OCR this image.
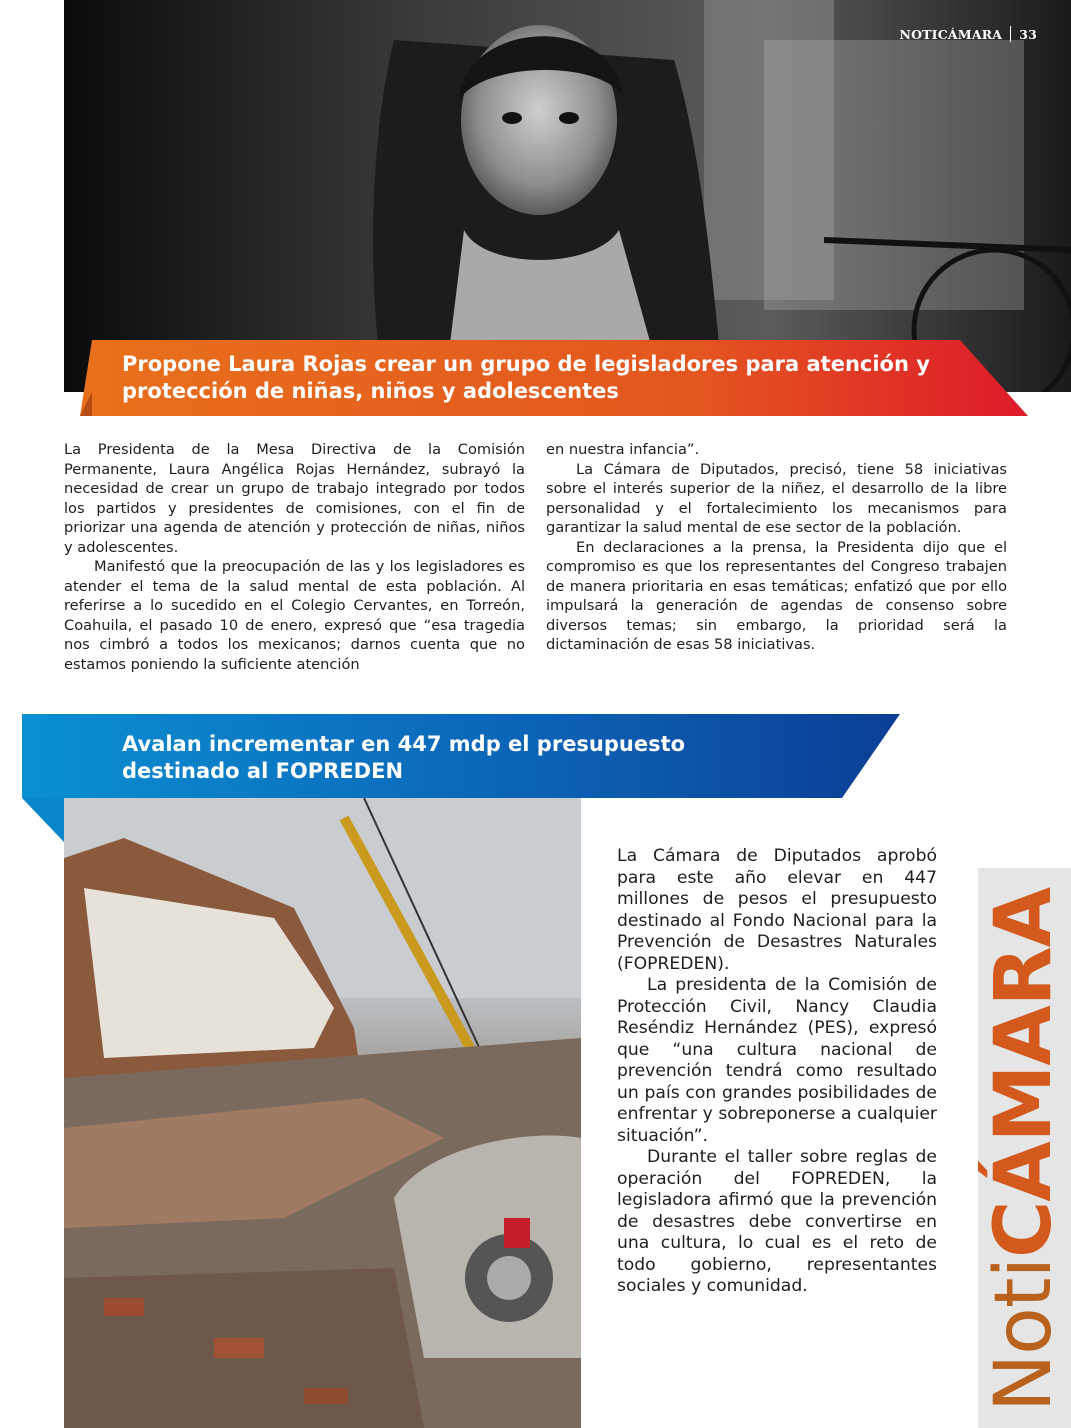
NOTICÁMARA 33
Propone Laura Rojas crear un grupo de legisladores para atención y protección de niñas, niños y adolescentes

La Presidenta de la Mesa Directiva de la Comisión Permanente, Laura Angélica Rojas Hernández, subrayó la necesidad de crear un grupo de trabajo integrado por todos los partidos y presidentes de comisiones, con el fin de priorizar una agenda de atención y protección de niñas, niños y adolescentes.

Manifestó que la preocupación de las y los legisladores es atender el tema de la salud mental de esta población. Al referirse a lo sucedido en el Colegio Cervantes, en Torreón, Coahuila, el pasado 10 de enero, expresó que “esa tragedia nos cimbró a todos los mexicanos; darnos cuenta que no estamos poniendo la suficiente atención

en nuestra infancia”.

La Cámara de Diputados, precisó, tiene 58 iniciativas sobre el interés superior de la niñez, el desarrollo de la libre personalidad y el fortalecimiento los mecanismos para garantizar la salud mental de ese sector de la población.

En declaraciones a la prensa, la Presidenta dijo que el compromiso es que los representantes del Congreso trabajen de manera prioritaria en esas temáticas; enfatizó que por ello impulsará la generación de agendas de consenso sobre diversos temas; sin embargo, la prioridad será la dictaminación de esas 58 iniciativas.

Avalan incrementar en 447 mdp el presupuesto destinado al FOPREDEN

La Cámara de Diputados aprobó para este año elevar en 447 millones de pesos el presupuesto destinado al Fondo Nacional para la Prevención de Desastres Naturales (FOPREDEN).

La presidenta de la Comisión de Protección Civil, Nancy Claudia Reséndiz Hernández (PES), expresó que “una cultura nacional de prevención tendrá como resultado un país con grandes posibilidades de enfrentar y sobreponerse a cualquier situación”.

Durante el taller sobre reglas de operación del FOPREDEN, la legisladora afirmó que la prevención de desastres debe convertirse en una cultura, lo cual es el reto de todo gobierno, representantes sociales y comunidad.	NotiCÁMARA
